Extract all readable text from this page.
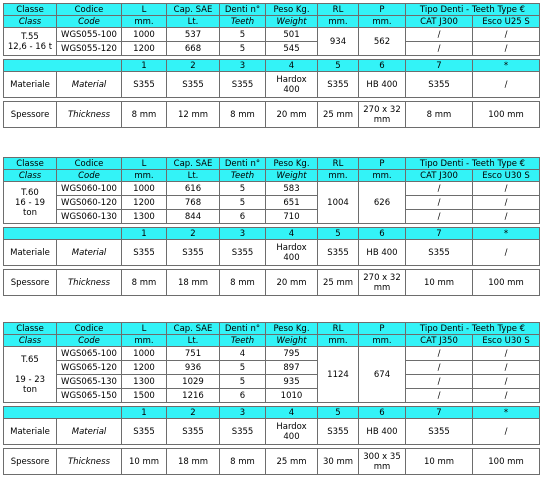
Classe	Codice	L	Cap. SAE	Denti n°	Peso Kg.	RL	P	Tipo Denti - Teeth Type €	
Class	Code	mm.	Lt.	Teeth	Weight	mm.	mm.	CAT J300	Esco U25 S
T.55
12,6 - 16 t	WGS055-100	1000	537	5	501	934	562	/	/
	WGS055-120	1200	668	5	545			/	/

		1	2	3	4	5	6	7	*
Materiale	Material	S355	S355	S355	Hardox 400	S355	HB 400	S355	/

Spessore	Thickness	8 mm	12 mm	8 mm	20 mm	25 mm	270 x 32 mm	8 mm	100 mm
Classe	Codice	L	Cap. SAE	Denti n°	Peso Kg.	RL	P	Tipo Denti - Teeth Type €	
Class	Code	mm.	Lt.	Teeth	Weight	mm.	mm.	CAT J300	Esco U30 S
T.60
16 - 19
ton	WGS060-100	1000	616	5	583	1004	626	/	/
	WGS060-120	1200	768	5	651			/	/
	WGS060-130	1300	844	6	710			/	/

		1	2	3	4	5	6	7	*
Materiale	Material	S355	S355	S355	Hardox 400	S355	HB 400	S355	/

Spessore	Thickness	8 mm	18 mm	8 mm	20 mm	25 mm	270 x 32 mm	10 mm	100 mm
Classe	Codice	L	Cap. SAE	Denti n°	Peso Kg.	RL	P	Tipo Denti - Teeth Type €	
Class	Code	mm.	Lt.	Teeth	Weight	mm.	mm.	CAT J350	Esco U30 S
T.65

19 - 23
ton	WGS065-100	1000	751	4	795	1124	674	/	/
	WGS065-120	1200	936	5	897			/	/
	WGS065-130	1300	1029	5	935			/	/
	WGS065-150	1500	1216	6	1010			/	/

		1	2	3	4	5	6	7	*
Materiale	Material	S355	S355	S355	Hardox 400	S355	HB 400	S355	/

Spessore	Thickness	10 mm	18 mm	8 mm	25 mm	30 mm	300 x 35 mm	10 mm	100 mm
